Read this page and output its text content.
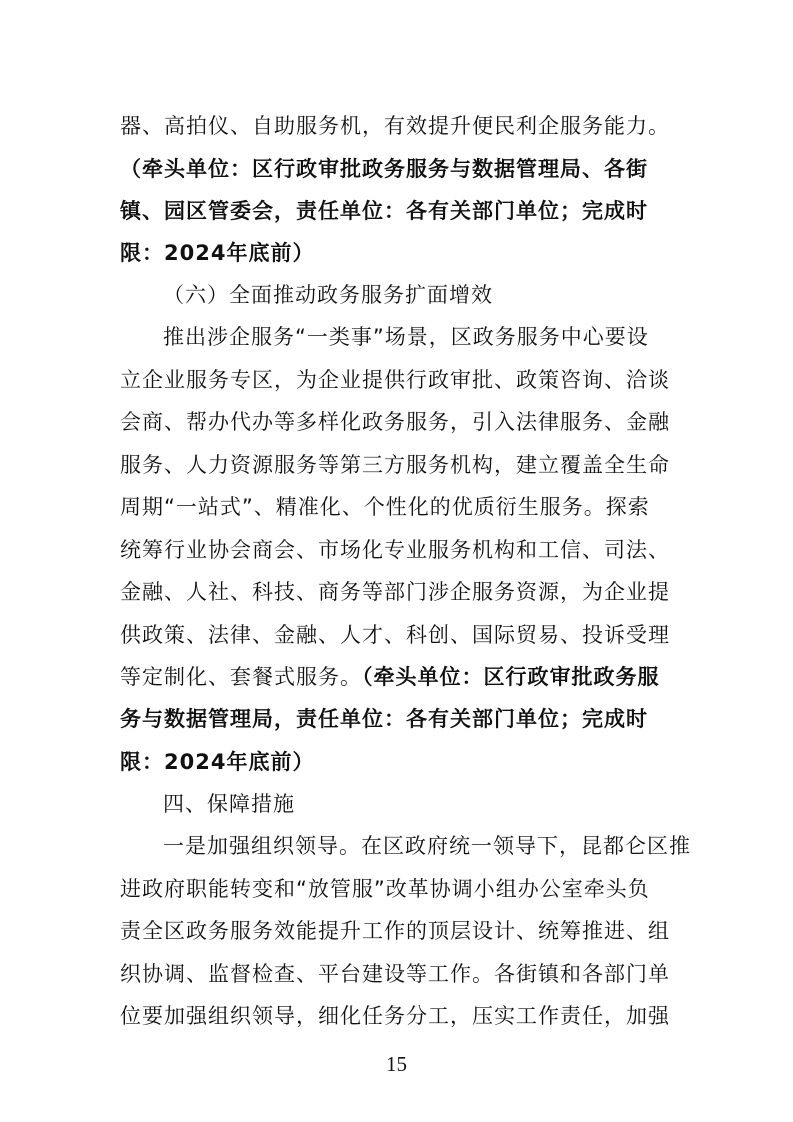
器、高拍仪、自助服务机，有效提升便民利企服务能力。
（牵头单位：区行政审批政务服务与数据管理局、各街
镇、园区管委会，责任单位：各有关部门单位；完成时
限：2024年底前）
（六）全面推动政务服务扩面增效
推出涉企服务“一类事”场景，区政务服务中心要设
立企业服务专区，为企业提供行政审批、政策咨询、洽谈
会商、帮办代办等多样化政务服务，引入法律服务、金融
服务、人力资源服务等第三方服务机构，建立覆盖全生命
周期“一站式”、精准化、个性化的优质衍生服务。探索
统筹行业协会商会、市场化专业服务机构和工信、司法、
金融、人社、科技、商务等部门涉企服务资源，为企业提
供政策、法律、金融、人才、科创、国际贸易、投诉受理
等定制化、套餐式服务。（牵头单位：区行政审批政务服
务与数据管理局，责任单位：各有关部门单位；完成时
限：2024年底前）
四、保障措施
一是加强组织领导。在区政府统一领导下，昆都仑区推
进政府职能转变和“放管服”改革协调小组办公室牵头负
责全区政务服务效能提升工作的顶层设计、统筹推进、组
织协调、监督检查、平台建设等工作。各街镇和各部门单
位要加强组织领导，细化任务分工，压实工作责任，加强
15
